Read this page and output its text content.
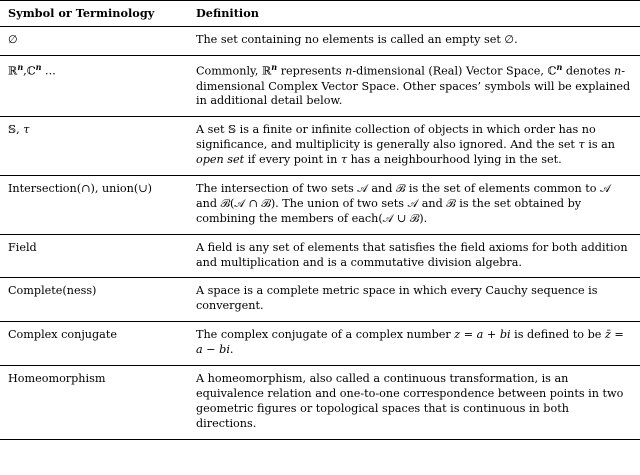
Symbol or Terminology	Definition
∅	The set containing no elements is called an empty set ∅.
ℝ$^n$,ℂ$^n$ ...	Commonly, ℝ$^n$ represents n-dimensional (Real) Vector Space, ℂ$^n$ denotes n-dimensional Complex Vector Space. Other spaces’ symbols will be explained in additional detail below.
𝕊, τ	A set 𝕊 is a finite or infinite collection of objects in which order has no significance, and multiplicity is generally also ignored. And the set τ is an open set if every point in τ has a neighbourhood lying in the set.
Intersection(∩), union(∪)	The intersection of two sets 𝒜 and ℬ is the set of elements common to 𝒜 and ℬ(𝒜 ∩ ℬ). The union of two sets 𝒜 and ℬ is the set obtained by combining the members of each(𝒜 ∪ ℬ).
Field	A field is any set of elements that satisfies the field axioms for both addition and multiplication and is a commutative division algebra.
Complete(ness)	A space is a complete metric space in which every Cauchy sequence is convergent.
Complex conjugate	The complex conjugate of a complex number z = a + bi is defined to be z̄ = a − bi.
Homeomorphism	A homeomorphism, also called a continuous transformation, is an equivalence relation and one-to-one correspondence between points in two geometric figures or topological spaces that is continuous in both directions.
